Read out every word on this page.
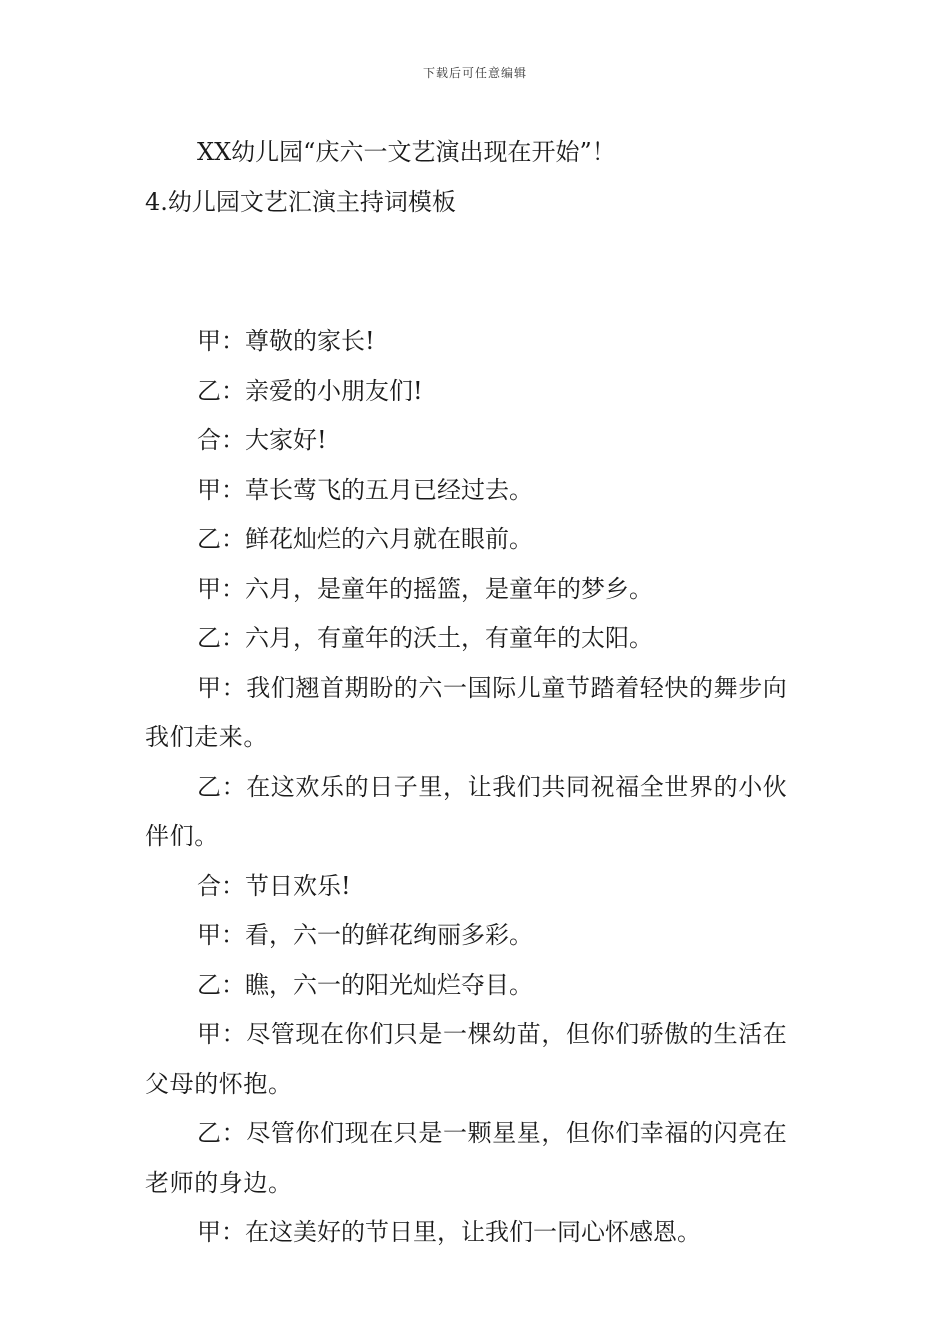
下载后可任意编辑

XX幼儿园“庆六一文艺演出现在开始”！

4.幼儿园文艺汇演主持词模板

甲：尊敬的家长!

乙：亲爱的小朋友们!

合：大家好!

甲：草长莺飞的五月已经过去。

乙：鲜花灿烂的六月就在眼前。

甲：六月，是童年的摇篮，是童年的梦乡。

乙：六月，有童年的沃土，有童年的太阳。

甲：我们翘首期盼的六一国际儿童节踏着轻快的舞步向我们走来。

乙：在这欢乐的日子里，让我们共同祝福全世界的小伙伴们。

合：节日欢乐!

甲：看，六一的鲜花绚丽多彩。

乙：瞧，六一的阳光灿烂夺目。

甲：尽管现在你们只是一棵幼苗，但你们骄傲的生活在父母的怀抱。

乙：尽管你们现在只是一颗星星，但你们幸福的闪亮在老师的身边。

甲：在这美好的节日里，让我们一同心怀感恩。
